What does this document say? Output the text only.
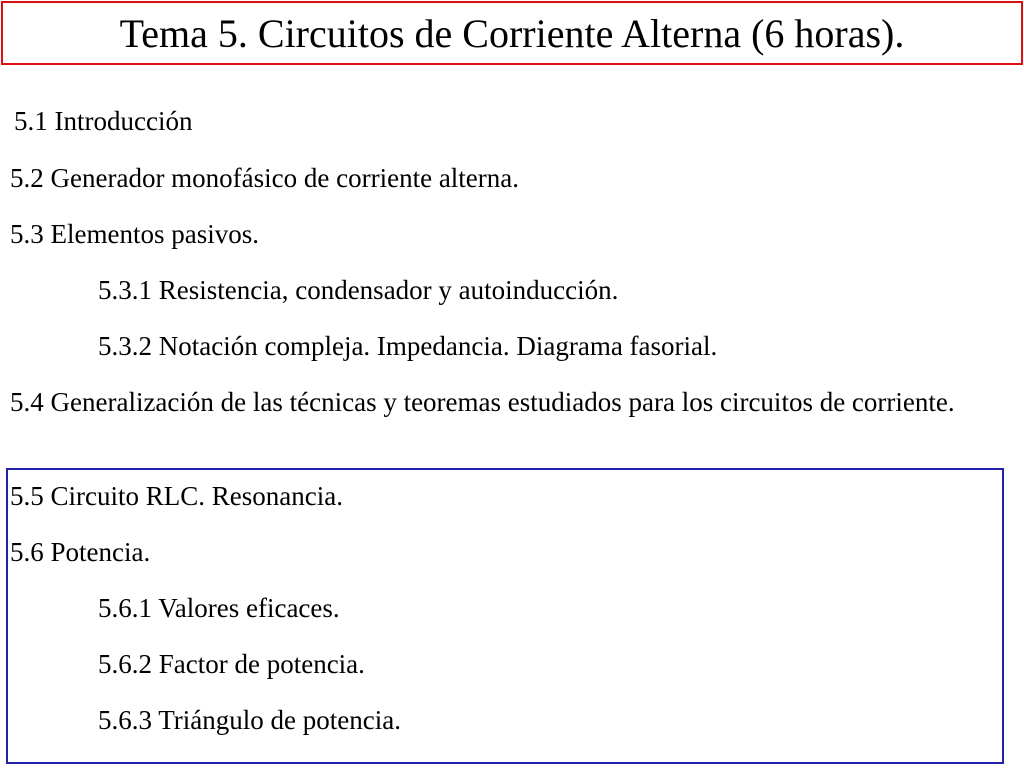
Tema 5. Circuitos de Corriente Alterna (6 horas).
5.1 Introducción
5.2 Generador monofásico de corriente alterna.
5.3 Elementos pasivos.
5.3.1 Resistencia, condensador y autoinducción.
5.3.2 Notación compleja. Impedancia. Diagrama fasorial.
5.4 Generalización de las técnicas y teoremas estudiados para los circuitos de corriente.
5.5 Circuito RLC. Resonancia.
5.6 Potencia.
5.6.1 Valores eficaces.
5.6.2 Factor de potencia.
5.6.3 Triángulo de potencia.
